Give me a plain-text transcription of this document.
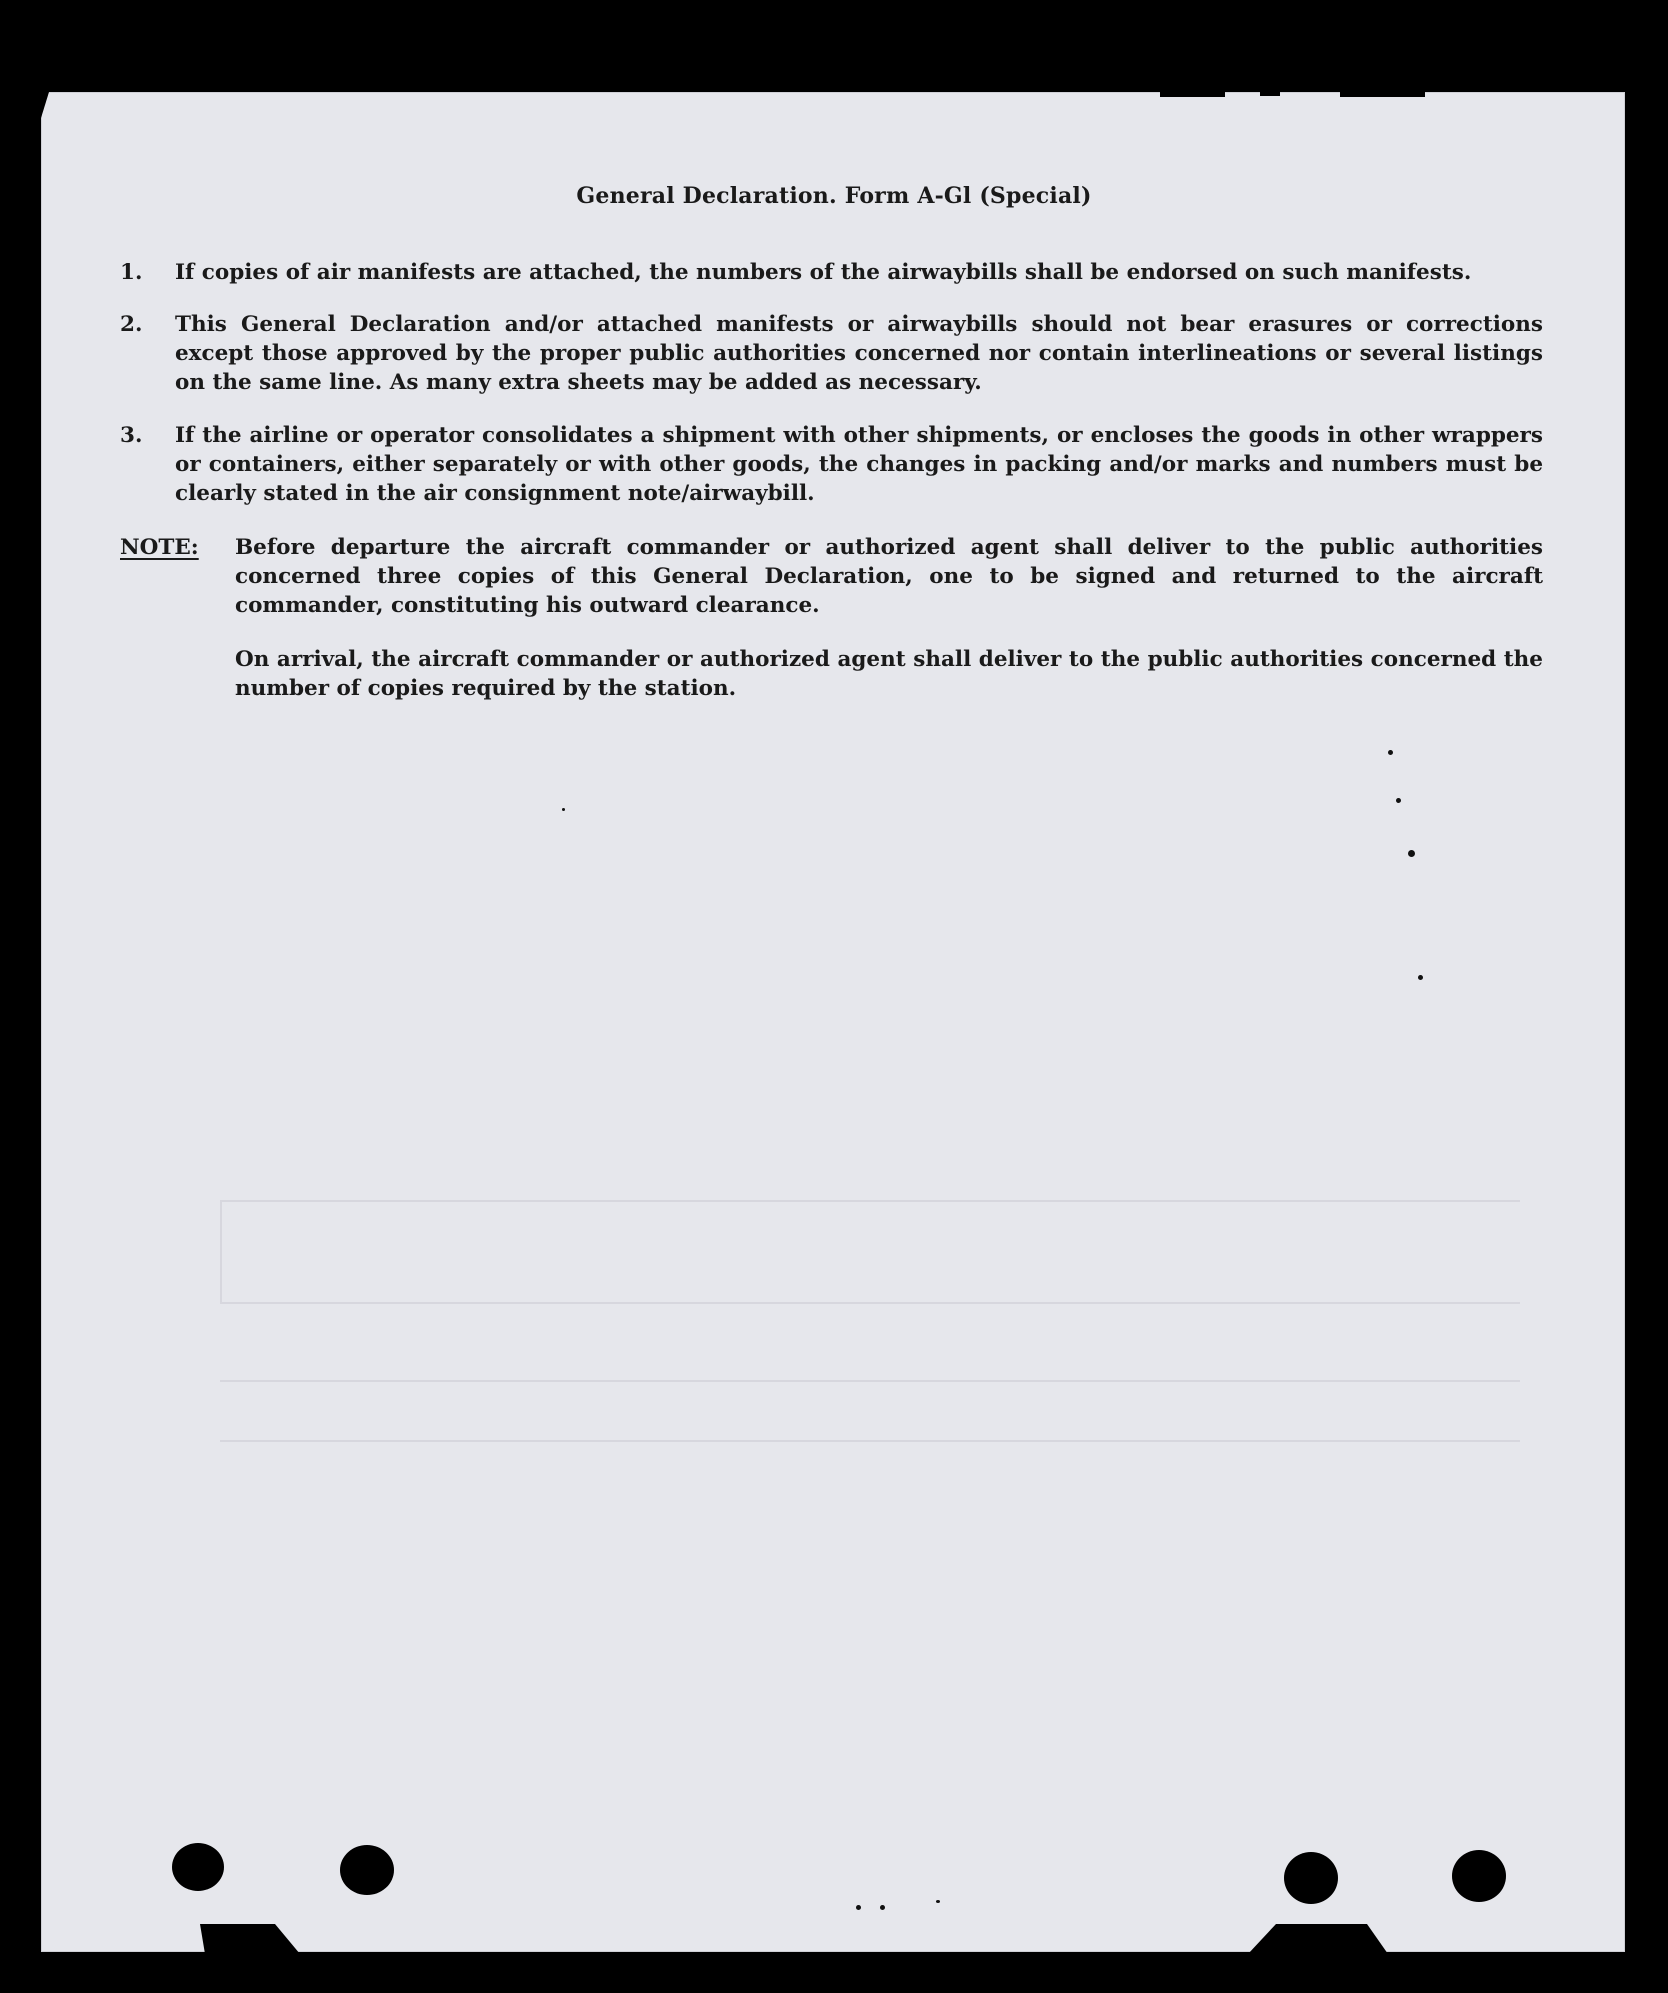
General Declaration. Form A-Gl (Special)
1.	If copies of air manifests are attached, the numbers of the airwaybills shall be endorsed on such manifests.
2.	This General Declaration and/or attached manifests or airwaybills should not bear erasures or corrections except those approved by the proper public authorities concerned nor contain interlineations or several listings on the same line. As many extra sheets may be added as necessary.
3.	If the airline or operator consolidates a shipment with other shipments, or encloses the goods in other wrappers or containers, either separately or with other goods, the changes in packing and/or marks and numbers must be clearly stated in the air consignment note/airwaybill.
NOTE: Before departure the aircraft commander or authorized agent shall deliver to the public authorities concerned three copies of this General Declaration, one to be signed and returned to the aircraft commander, constituting his outward clearance.
On arrival, the aircraft commander or authorized agent shall deliver to the public authorities concerned the number of copies required by the station.
